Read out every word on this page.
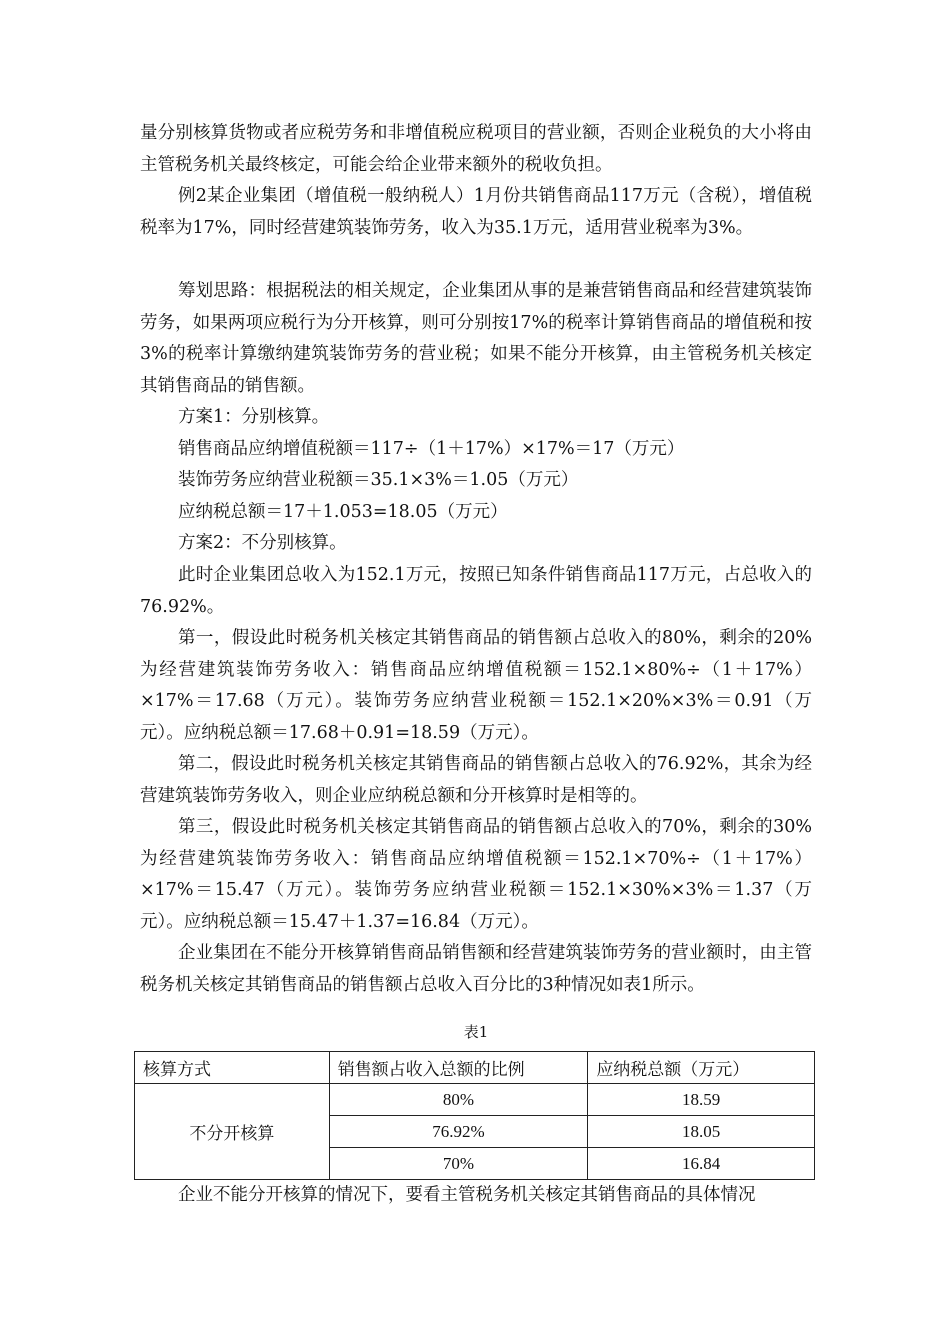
量分别核算货物或者应税劳务和非增值税应税项目的营业额，否则企业税负的大小将由主管税务机关最终核定，可能会给企业带来额外的税收负担。

例2某企业集团（增值税一般纳税人）1月份共销售商品117万元（含税），增值税税率为17%，同时经营建筑装饰劳务，收入为35.1万元，适用营业税率为3%。

筹划思路：根据税法的相关规定，企业集团从事的是兼营销售商品和经营建筑装饰劳务，如果两项应税行为分开核算，则可分别按17%的税率计算销售商品的增值税和按3%的税率计算缴纳建筑装饰劳务的营业税；如果不能分开核算，由主管税务机关核定其销售商品的销售额。

方案1：分别核算。

销售商品应纳增值税额＝117÷（1＋17%）×17%＝17（万元）

装饰劳务应纳营业税额＝35.1×3%＝1.05（万元）

应纳税总额＝17＋1.053=18.05（万元）

方案2：不分别核算。

此时企业集团总收入为152.1万元，按照已知条件销售商品117万元，占总收入的76.92%。

第一，假设此时税务机关核定其销售商品的销售额占总收入的80%，剩余的20%为经营建筑装饰劳务收入：销售商品应纳增值税额＝152.1×80%÷（1＋17%）×17%＝17.68（万元）。装饰劳务应纳营业税额＝152.1×20%×3%＝0.91（万元）。应纳税总额＝17.68＋0.91=18.59（万元）。

第二，假设此时税务机关核定其销售商品的销售额占总收入的76.92%，其余为经营建筑装饰劳务收入，则企业应纳税总额和分开核算时是相等的。

第三，假设此时税务机关核定其销售商品的销售额占总收入的70%，剩余的30%为经营建筑装饰劳务收入：销售商品应纳增值税额＝152.1×70%÷（1＋17%）×17%＝15.47（万元）。装饰劳务应纳营业税额＝152.1×30%×3%＝1.37（万元）。应纳税总额＝15.47＋1.37=16.84（万元）。

企业集团在不能分开核算销售商品销售额和经营建筑装饰劳务的营业额时，由主管税务机关核定其销售商品的销售额占总收入百分比的3种情况如表1所示。

表1
核算方式	销售额占收入总额的比例	应纳税总额（万元）
不分开核算	80%	18.59
	76.92%	18.05
	70%	16.84

企业不能分开核算的情况下，要看主管税务机关核定其销售商品的具体情况
